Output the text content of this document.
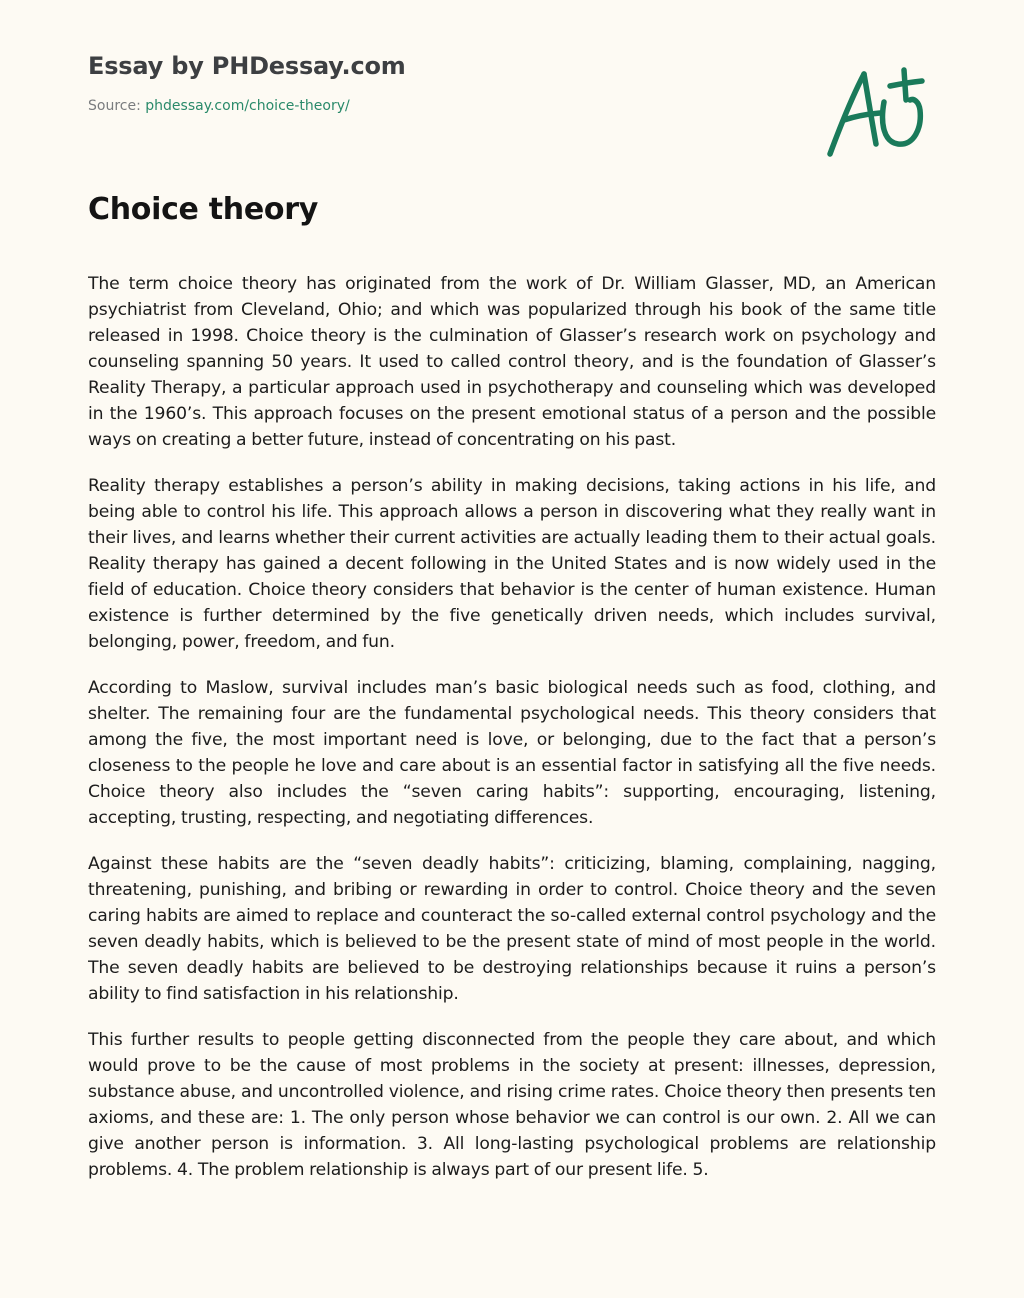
Essay by PHDessay.com
Source: phdessay.com/choice-theory/
Choice theory

The term choice theory has originated from the work of Dr. William Glasser, MD, an American psychiatrist from Cleveland, Ohio; and which was popularized through his book of the same title released in 1998. Choice theory is the culmination of Glasser’s research work on psychology and counseling spanning 50 years. It used to called control theory, and is the foundation of Glasser’s Reality Therapy, a particular approach used in psychotherapy and counseling which was developed in the 1960’s. This approach focuses on the present emotional status of a person and the possible ways on creating a better future, instead of concentrating on his past.

Reality therapy establishes a person’s ability in making decisions, taking actions in his life, and being able to control his life. This approach allows a person in discovering what they really want in their lives, and learns whether their current activities are actually leading them to their actual goals. Reality therapy has gained a decent following in the United States and is now widely used in the field of education. Choice theory considers that behavior is the center of human existence. Human existence is further determined by the five genetically driven needs, which includes survival, belonging, power, freedom, and fun.

According to Maslow, survival includes man’s basic biological needs such as food, clothing, and shelter. The remaining four are the fundamental psychological needs. This theory considers that among the five, the most important need is love, or belonging, due to the fact that a person’s closeness to the people he love and care about is an essential factor in satisfying all the five needs. Choice theory also includes the “seven caring habits”: supporting, encouraging, listening, accepting, trusting, respecting, and negotiating differences.

Against these habits are the “seven deadly habits”: criticizing, blaming, complaining, nagging, threatening, punishing, and bribing or rewarding in order to control. Choice theory and the seven caring habits are aimed to replace and counteract the so-called external control psychology and the seven deadly habits, which is believed to be the present state of mind of most people in the world. The seven deadly habits are believed to be destroying relationships because it ruins a person’s ability to find satisfaction in his relationship.

This further results to people getting disconnected from the people they care about, and which would prove to be the cause of most problems in the society at present: illnesses, depression, substance abuse, and uncontrolled violence, and rising crime rates. Choice theory then presents ten axioms, and these are: 1. The only person whose behavior we can control is our own. 2. All we can give another person is information. 3. All long-lasting psychological problems are relationship problems. 4. The problem relationship is always part of our present life. 5.
